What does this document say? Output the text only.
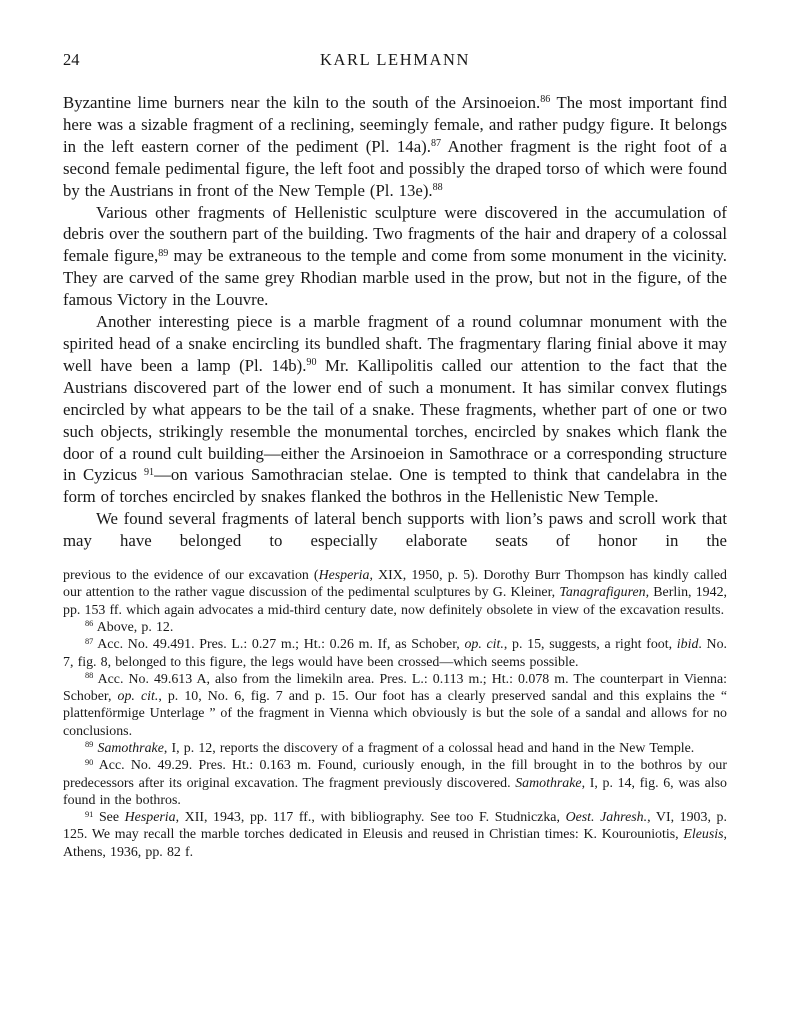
24	KARL LEHMANN

Byzantine lime burners near the kiln to the south of the Arsinoeion.$^{86}$ The most important find here was a sizable fragment of a reclining, seemingly female, and rather pudgy figure. It belongs in the left eastern corner of the pediment (Pl. 14a).$^{87}$ Another fragment is the right foot of a second female pedimental figure, the left foot and possibly the draped torso of which were found by the Austrians in front of the New Temple (Pl. 13e).$^{88}$

Various other fragments of Hellenistic sculpture were discovered in the accumulation of debris over the southern part of the building. Two fragments of the hair and drapery of a colossal female figure,$^{89}$ may be extraneous to the temple and come from some monument in the vicinity. They are carved of the same grey Rhodian marble used in the prow, but not in the figure, of the famous Victory in the Louvre.

Another interesting piece is a marble fragment of a round columnar monument with the spirited head of a snake encircling its bundled shaft. The fragmentary flaring finial above it may well have been a lamp (Pl. 14b).$^{90}$ Mr. Kallipolitis called our attention to the fact that the Austrians discovered part of the lower end of such a monument. It has similar convex flutings encircled by what appears to be the tail of a snake. These fragments, whether part of one or two such objects, strikingly resemble the monumental torches, encircled by snakes which flank the door of a round cult building—either the Arsinoeion in Samothrace or a corresponding structure in Cyzicus $^{91}$—on various Samothracian stelae. One is tempted to think that candelabra in the form of torches encircled by snakes flanked the bothros in the Hellenistic New Temple.

We found several fragments of lateral bench supports with lion’s paws and scroll work that may have belonged to especially elaborate seats of honor in the

previous to the evidence of our excavation (Hesperia, XIX, 1950, p. 5). Dorothy Burr Thompson has kindly called our attention to the rather vague discussion of the pedimental sculptures by G. Kleiner, Tanagrafiguren, Berlin, 1942, pp. 153 ff. which again advocates a mid-third century date, now definitely obsolete in view of the excavation results.

$^{86}$ Above, p. 12.

$^{87}$ Acc. No. 49.491. Pres. L.: 0.27 m.; Ht.: 0.26 m. If, as Schober, op. cit., p. 15, suggests, a right foot, ibid. No. 7, fig. 8, belonged to this figure, the legs would have been crossed—which seems possible.

$^{88}$ Acc. No. 49.613 A, also from the limekiln area. Pres. L.: 0.113 m.; Ht.: 0.078 m. The counterpart in Vienna: Schober, op. cit., p. 10, No. 6, fig. 7 and p. 15. Our foot has a clearly preserved sandal and this explains the “ plattenförmige Unterlage ” of the fragment in Vienna which obviously is but the sole of a sandal and allows for no conclusions.

$^{89}$ Samothrake, I, p. 12, reports the discovery of a fragment of a colossal head and hand in the New Temple.

$^{90}$ Acc. No. 49.29. Pres. Ht.: 0.163 m. Found, curiously enough, in the fill brought in to the bothros by our predecessors after its original excavation. The fragment previously discovered. Samothrake, I, p. 14, fig. 6, was also found in the bothros.

$^{91}$ See Hesperia, XII, 1943, pp. 117 ff., with bibliography. See too F. Studniczka, Oest. Jahresh., VI, 1903, p. 125. We may recall the marble torches dedicated in Eleusis and reused in Christian times: K. Kourouniotis, Eleusis, Athens, 1936, pp. 82 f.
